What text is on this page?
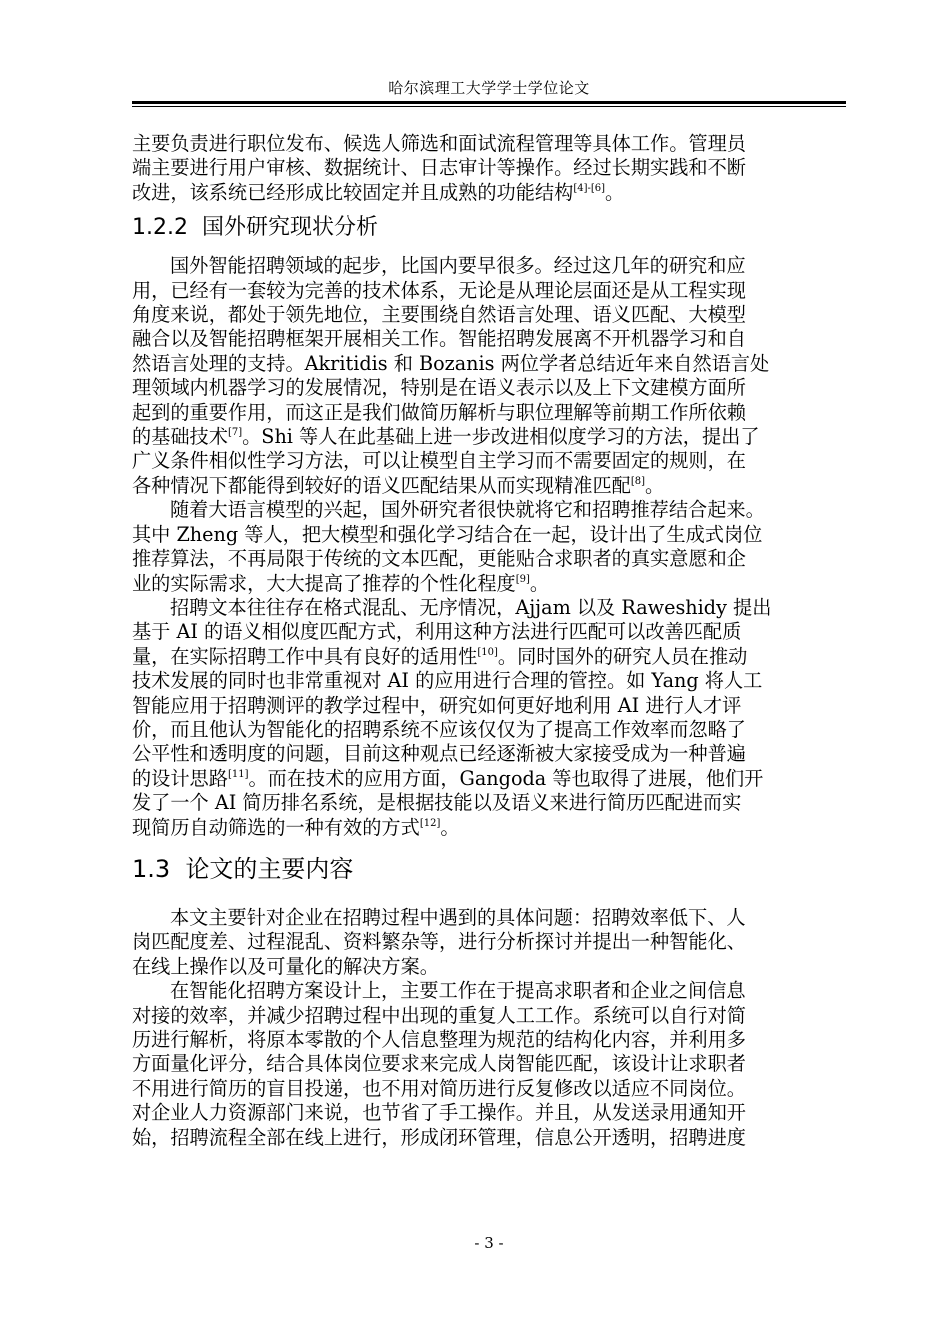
哈尔滨理工大学学士学位论文
主要负责进行职位发布、候选人筛选和面试流程管理等具体工作。管理员
端主要进行用户审核、数据统计、日志审计等操作。经过长期实践和不断
改进，该系统已经形成比较固定并且成熟的功能结构[4]-[6]。
1.2.2 国外研究现状分析
国外智能招聘领域的起步，比国内要早很多。经过这几年的研究和应
用，已经有一套较为完善的技术体系，无论是从理论层面还是从工程实现
角度来说，都处于领先地位，主要围绕自然语言处理、语义匹配、大模型
融合以及智能招聘框架开展相关工作。智能招聘发展离不开机器学习和自
然语言处理的支持。Akritidis 和 Bozanis 两位学者总结近年来自然语言处
理领域内机器学习的发展情况，特别是在语义表示以及上下文建模方面所
起到的重要作用，而这正是我们做简历解析与职位理解等前期工作所依赖
的基础技术[7]。Shi 等人在此基础上进一步改进相似度学习的方法，提出了
广义条件相似性学习方法，可以让模型自主学习而不需要固定的规则，在
各种情况下都能得到较好的语义匹配结果从而实现精准匹配[8]。
随着大语言模型的兴起，国外研究者很快就将它和招聘推荐结合起来。
其中 Zheng 等人，把大模型和强化学习结合在一起，设计出了生成式岗位
推荐算法，不再局限于传统的文本匹配，更能贴合求职者的真实意愿和企
业的实际需求，大大提高了推荐的个性化程度[9]。
招聘文本往往存在格式混乱、无序情况，Ajjam 以及 Raweshidy 提出
基于 AI 的语义相似度匹配方式，利用这种方法进行匹配可以改善匹配质
量，在实际招聘工作中具有良好的适用性[10]。同时国外的研究人员在推动
技术发展的同时也非常重视对 AI 的应用进行合理的管控。如 Yang 将人工
智能应用于招聘测评的教学过程中，研究如何更好地利用 AI 进行人才评
价，而且他认为智能化的招聘系统不应该仅仅为了提高工作效率而忽略了
公平性和透明度的问题，目前这种观点已经逐渐被大家接受成为一种普遍
的设计思路[11]。而在技术的应用方面，Gangoda 等也取得了进展，他们开
发了一个 AI 简历排名系统，是根据技能以及语义来进行简历匹配进而实
现简历自动筛选的一种有效的方式[12]。
1.3 论文的主要内容
本文主要针对企业在招聘过程中遇到的具体问题：招聘效率低下、人
岗匹配度差、过程混乱、资料繁杂等，进行分析探讨并提出一种智能化、
在线上操作以及可量化的解决方案。
在智能化招聘方案设计上，主要工作在于提高求职者和企业之间信息
对接的效率，并减少招聘过程中出现的重复人工工作。系统可以自行对简
历进行解析，将原本零散的个人信息整理为规范的结构化内容，并利用多
方面量化评分，结合具体岗位要求来完成人岗智能匹配，该设计让求职者
不用进行简历的盲目投递，也不用对简历进行反复修改以适应不同岗位。
对企业人力资源部门来说，也节省了手工操作。并且，从发送录用通知开
始，招聘流程全部在线上进行，形成闭环管理，信息公开透明，招聘进度
- 3 -
